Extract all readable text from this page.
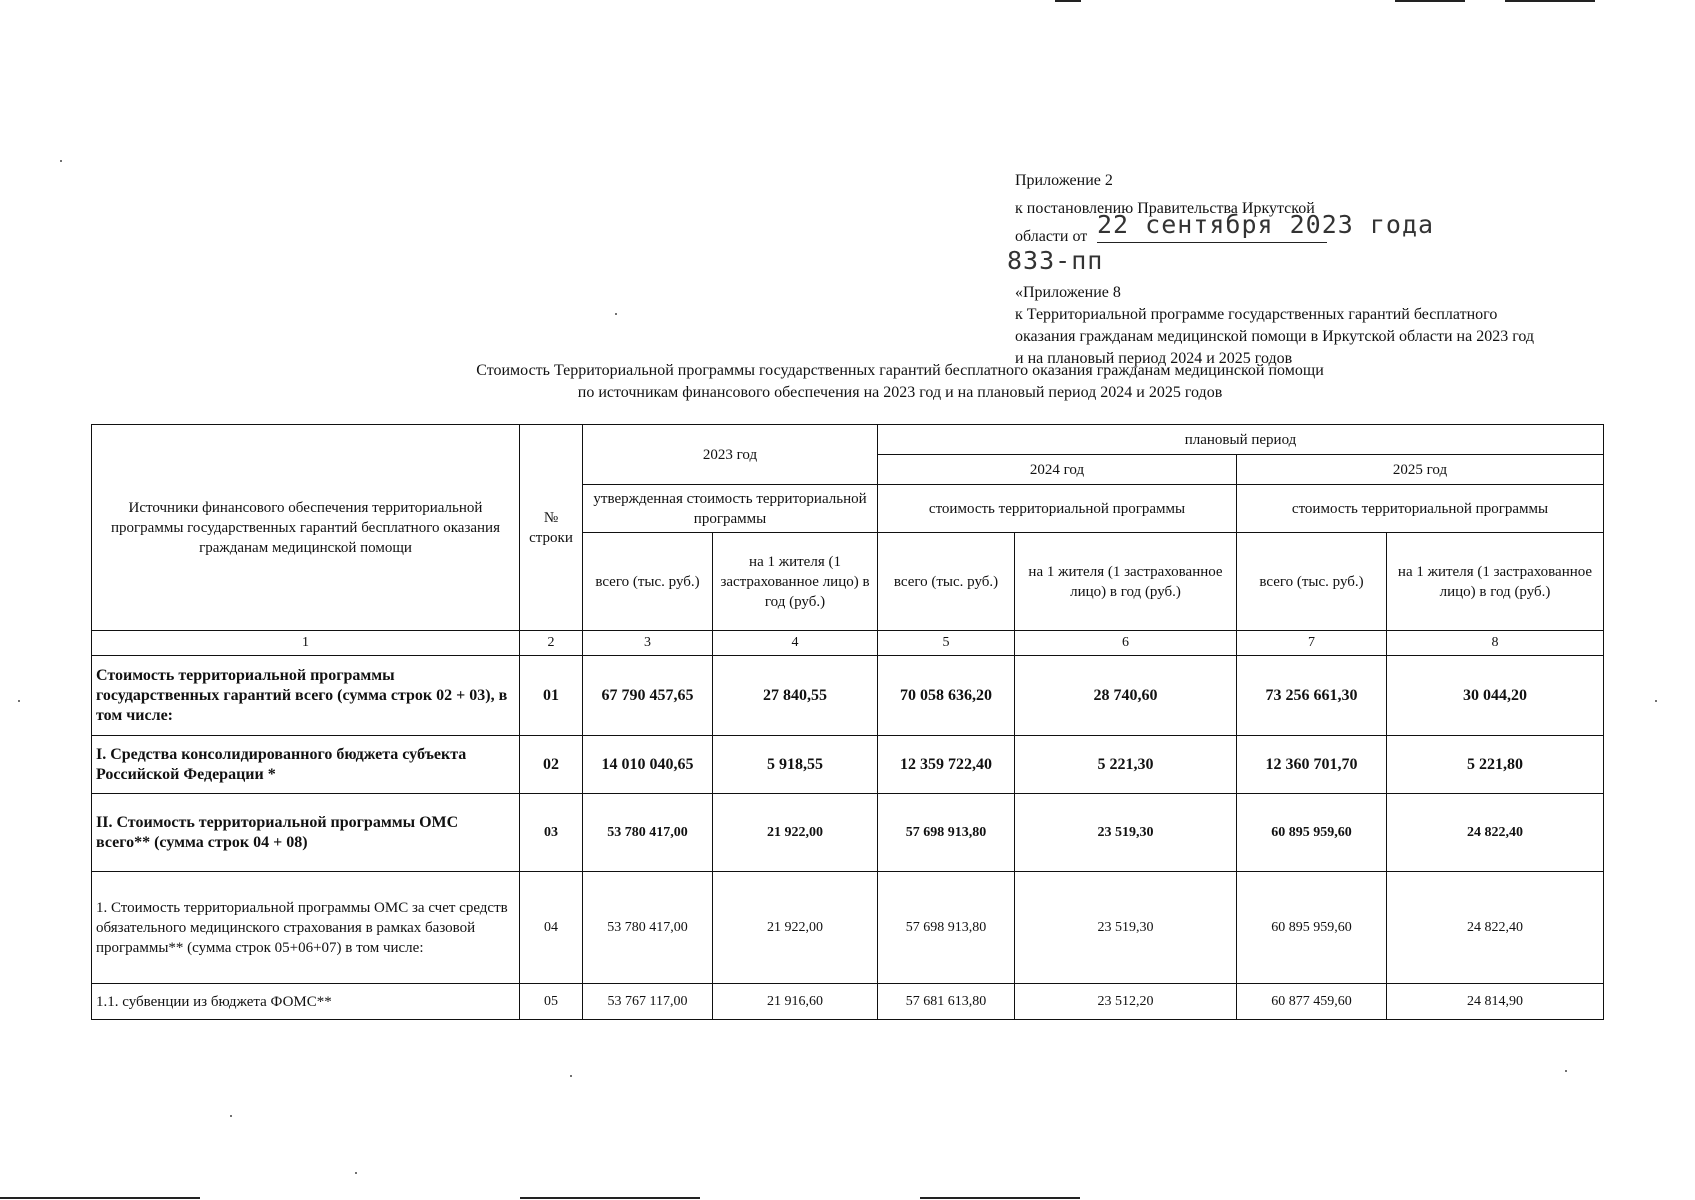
Приложение 2
к постановлению Правительства Иркутской
области от 22 сентября 2023 года
833-пп
«Приложение 8
к Территориальной программе государственных гарантий бесплатного
оказания гражданам медицинской помощи в Иркутской области на 2023 год
и на плановый период 2024 и 2025 годов
Стоимость Территориальной программы государственных гарантий бесплатного оказания гражданам медицинской помощи
по источникам финансового обеспечения на 2023 год и на плановый период 2024 и 2025 годов
Источники финансового обеспечения территориальной программы государственных гарантий бесплатного оказания гражданам медицинской помощи	№ строки	2023 год		плановый период			
				2024 год		2025 год	
		утвержденная стоимость территориальной программы		стоимость территориальной программы		стоимость территориальной программы	
		всего (тыс. руб.)	на 1 жителя (1 застрахованное лицо) в год (руб.)	всего (тыс. руб.)	на 1 жителя (1 застрахованное лицо) в год (руб.)	всего (тыс. руб.)	на 1 жителя (1 застрахованное лицо) в год (руб.)
1	2	3	4	5	6	7	8
Стоимость территориальной программы государственных гарантий всего (сумма строк 02 + 03), в том числе:	01	67 790 457,65	27 840,55	70 058 636,20	28 740,60	73 256 661,30	30 044,20
I. Средства консолидированного бюджета субъекта Российской Федерации *	02	14 010 040,65	5 918,55	12 359 722,40	5 221,30	12 360 701,70	5 221,80
II. Стоимость территориальной программы ОМС всего** (сумма строк 04 + 08)	03	53 780 417,00	21 922,00	57 698 913,80	23 519,30	60 895 959,60	24 822,40
1. Стоимость территориальной программы ОМС за счет средств обязательного медицинского страхования в рамках базовой программы** (сумма строк 05+06+07) в том числе:	04	53 780 417,00	21 922,00	57 698 913,80	23 519,30	60 895 959,60	24 822,40
1.1. субвенции из бюджета ФОМС**	05	53 767 117,00	21 916,60	57 681 613,80	23 512,20	60 877 459,60	24 814,90
